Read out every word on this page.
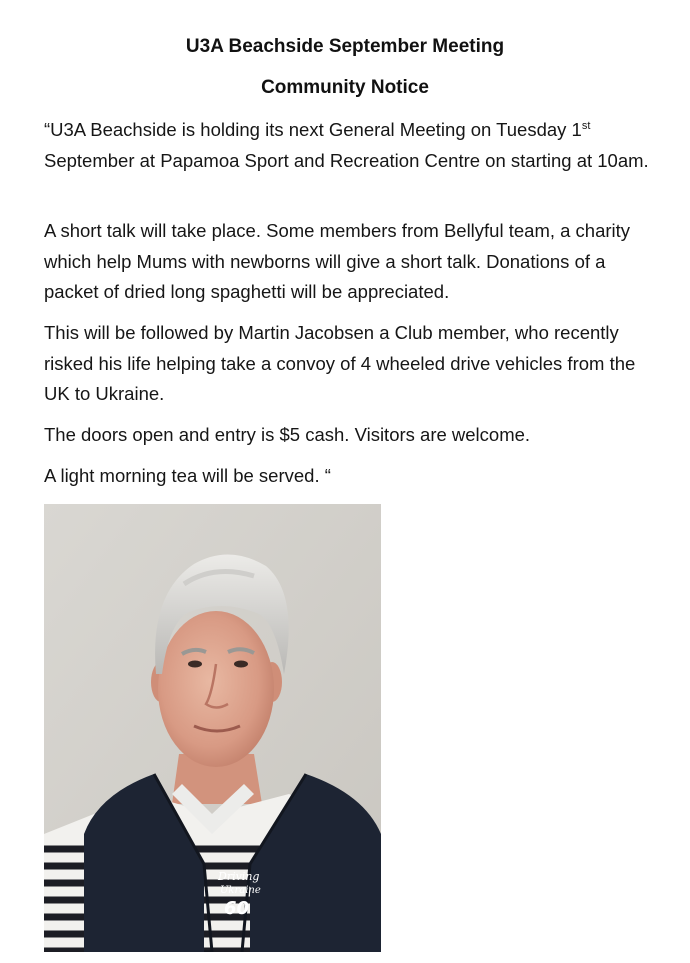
U3A Beachside September Meeting
Community Notice

“U3A Beachside is holding its next General Meeting on Tuesday 1st September at Papamoa Sport and Recreation Centre on starting at 10am.

A short talk will take place. Some members from Bellyful team, a charity which help Mums with newborns will give a short talk. Donations of a packet of dried long spaghetti will be appreciated.

This will be followed by Martin Jacobsen a Club member, who recently risked his life helping take a convoy of 4 wheeled drive vehicles from the UK to Ukraine.

The doors open and entry is $5 cash. Visitors are welcome.

A light morning tea will be served. “

Driving
Ukraine
60
